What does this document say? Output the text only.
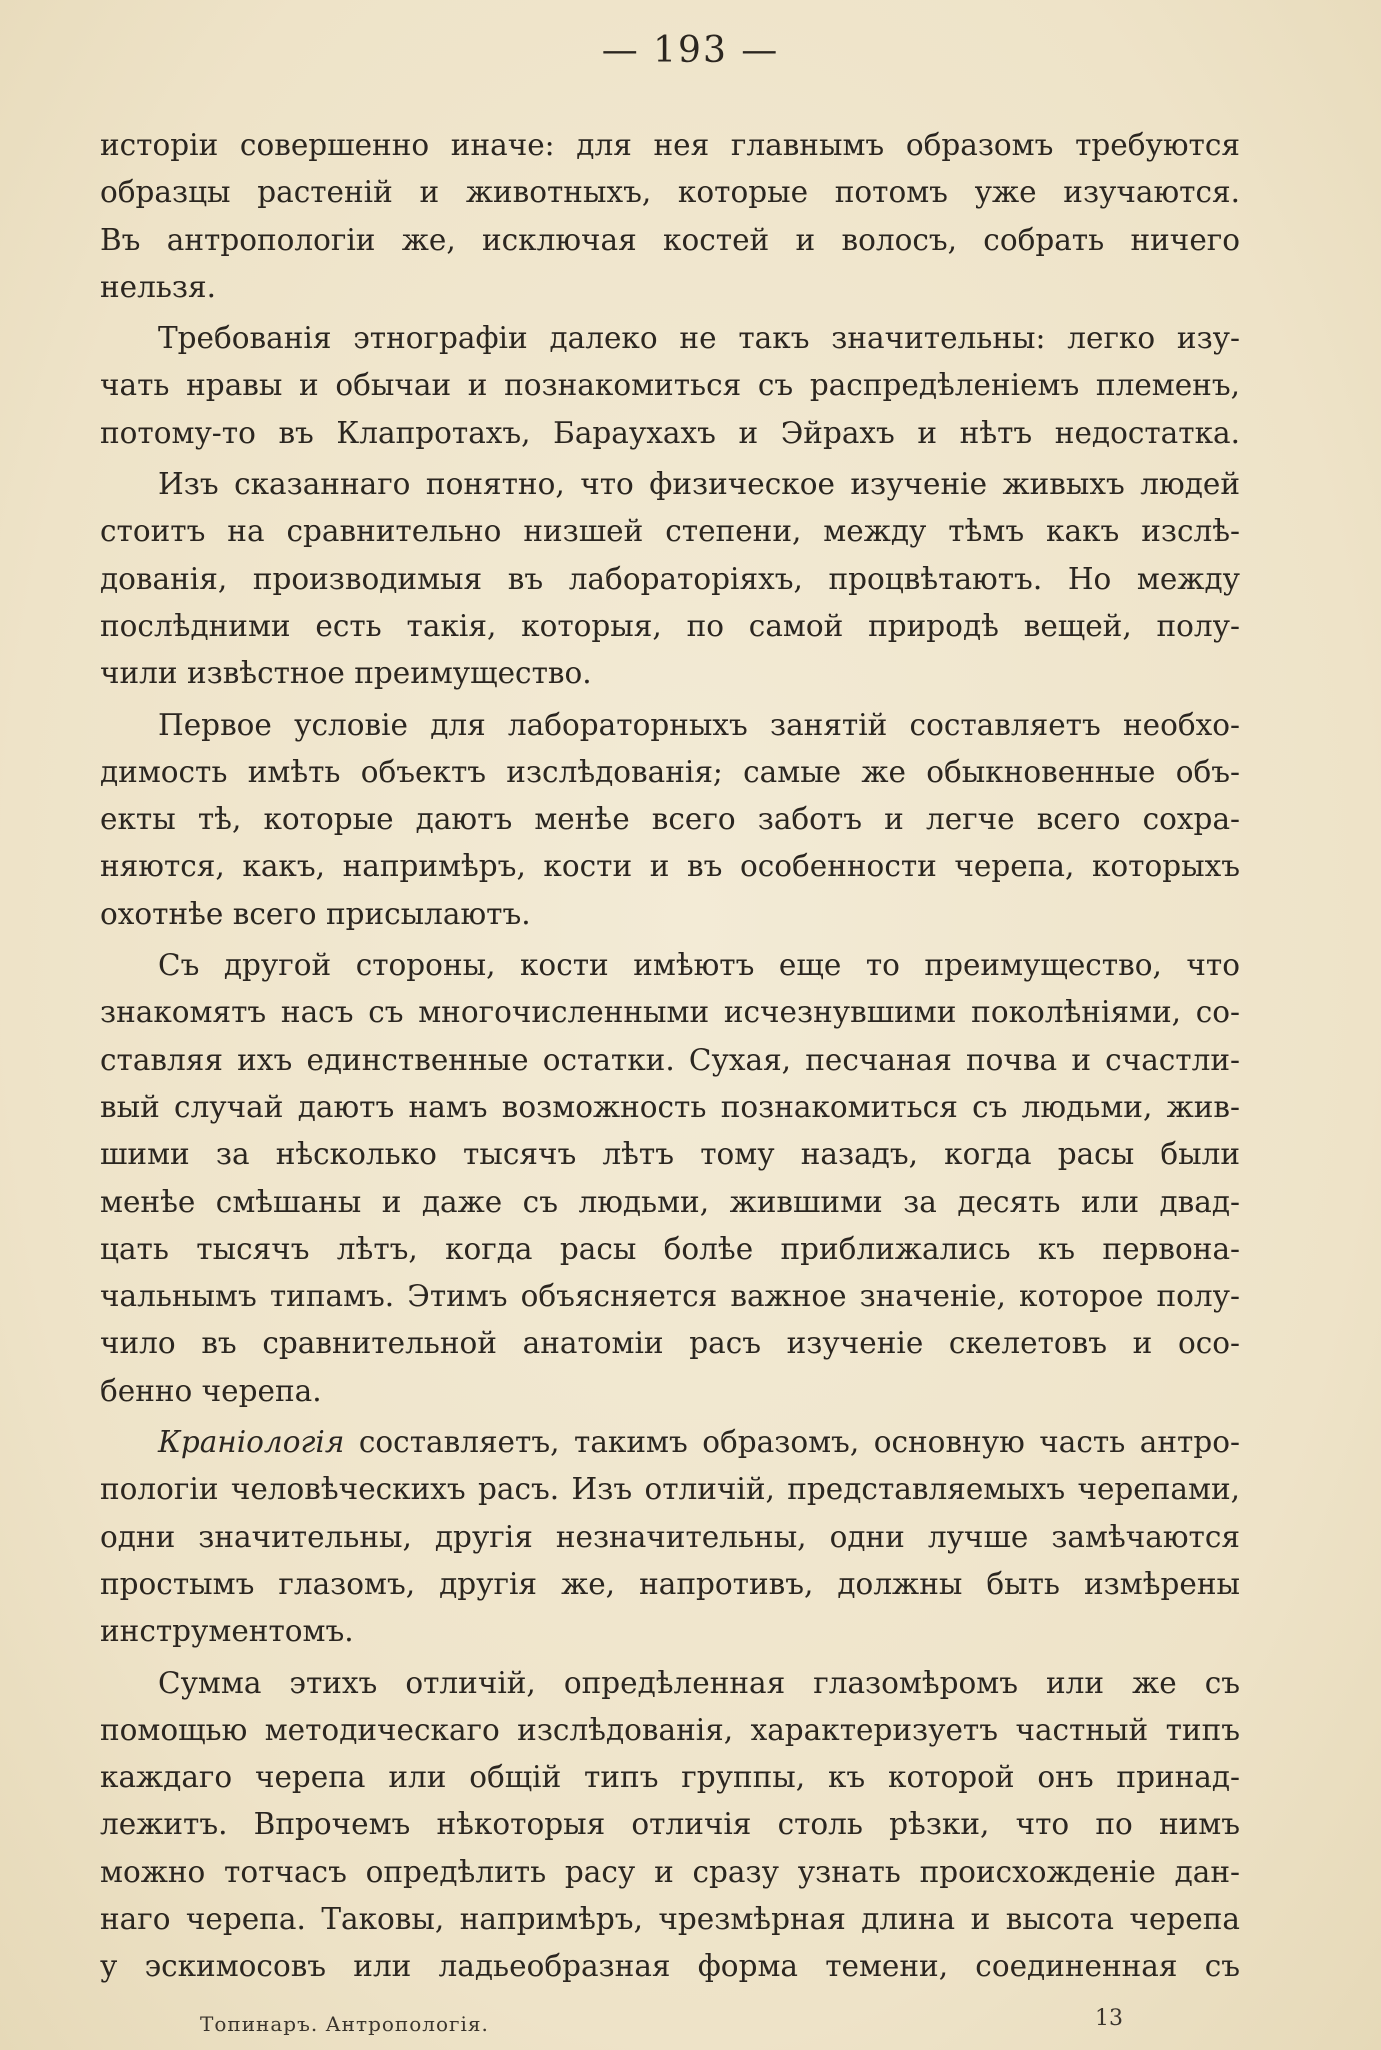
— 193 —
исторіи совершенно иначе: для нея главнымъ образомъ требуются
образцы растеній и животныхъ, которые потомъ уже изучаются.
Въ антропологіи же, исключая костей и волосъ, собрать ничего
нельзя.
Требованія этнографіи далеко не такъ значительны: легко изу-
чать нравы и обычаи и познакомиться съ распредѣленіемъ племенъ,
потому-то въ Клапротахъ, Бараухахъ и Эйрахъ и нѣтъ недостатка.
Изъ сказаннаго понятно, что физическое изученіе живыхъ людей
стоитъ на сравнительно низшей степени, между тѣмъ какъ изслѣ-
дованія, производимыя въ лабораторіяхъ, процвѣтаютъ. Но между
послѣдними есть такія, которыя, по самой природѣ вещей, полу-
чили извѣстное преимущество.
Первое условіе для лабораторныхъ занятій составляетъ необхо-
димость имѣть объектъ изслѣдованія; самые же обыкновенные объ-
екты тѣ, которые даютъ менѣе всего заботъ и легче всего сохра-
няются, какъ, напримѣръ, кости и въ особенности черепа, которыхъ
охотнѣе всего присылаютъ.
Съ другой стороны, кости имѣютъ еще то преимущество, что
знакомятъ насъ съ многочисленными исчезнувшими поколѣніями, со-
ставляя ихъ единственные остатки. Сухая, песчаная почва и счастли-
вый случай даютъ намъ возможность познакомиться съ людьми, жив-
шими за нѣсколько тысячъ лѣтъ тому назадъ, когда расы были
менѣе смѣшаны и даже съ людьми, жившими за десять или двад-
цать тысячъ лѣтъ, когда расы болѣе приближались къ первона-
чальнымъ типамъ. Этимъ объясняется важное значеніе, которое полу-
чило въ сравнительной анатоміи расъ изученіе скелетовъ и осо-
бенно черепа.
Краніологія составляетъ, такимъ образомъ, основную часть антро-
пологіи человѣческихъ расъ. Изъ отличій, представляемыхъ черепами,
одни значительны, другія незначительны, одни лучше замѣчаются
простымъ глазомъ, другія же, напротивъ, должны быть измѣрены
инструментомъ.
Сумма этихъ отличій, опредѣленная глазомѣромъ или же съ
помощью методическаго изслѣдованія, характеризуетъ частный типъ
каждаго черепа или общій типъ группы, къ которой онъ принад-
лежитъ. Впрочемъ нѣкоторыя отличія столь рѣзки, что по нимъ
можно тотчасъ опредѣлить расу и сразу узнать происхожденіе дан-
наго черепа. Таковы, напримѣръ, чрезмѣрная длина и высота черепа
у эскимосовъ или ладьеобразная форма темени, соединенная съ
Топинаръ. Антропологія.	13
